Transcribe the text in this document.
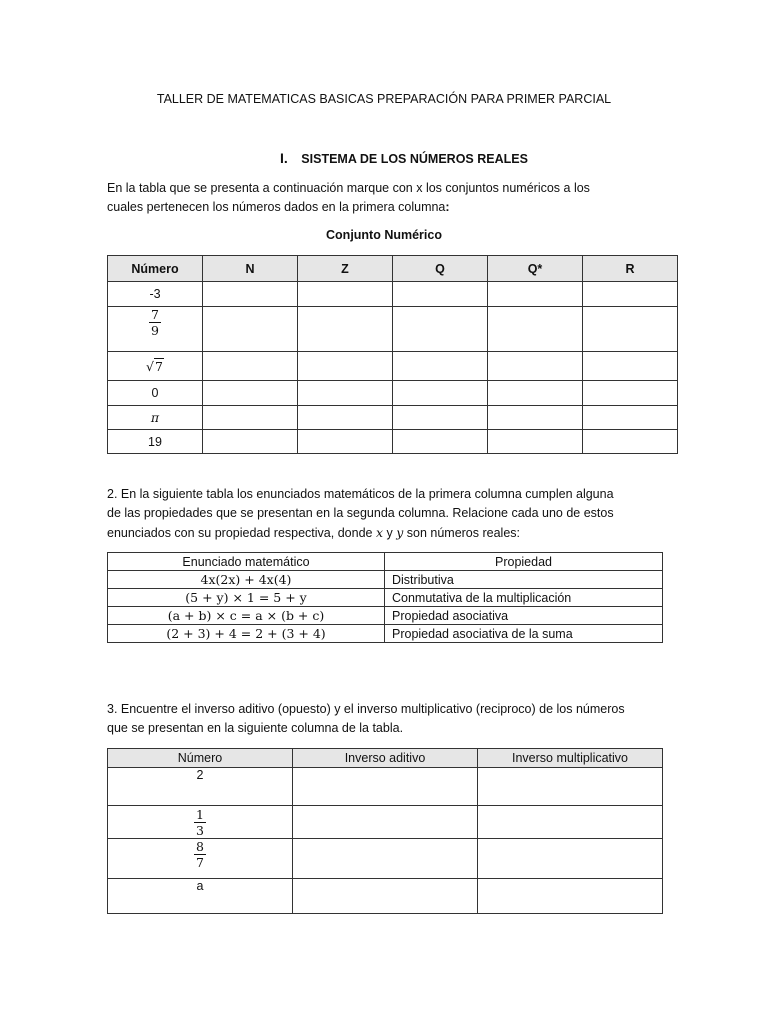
TALLER DE MATEMATICAS BASICAS PREPARACIÓN PARA PRIMER PARCIAL
I. SISTEMA DE LOS NÚMEROS REALES
En la tabla que se presenta a continuación marque con x los conjuntos numéricos a los
cuales pertenecen los números dados en la primera columna:
Conjunto Numérico
Número	N	Z	Q	Q*	R
-3					

$\frac{7}{9}$

√7					
0					
π					
19					
2. En la siguiente tabla los enunciados matemáticos de la primera columna cumplen alguna
de las propiedades que se presentan en la segunda columna. Relacione cada uno de estos
enunciados con su propiedad respectiva, donde x y y son números reales:
Enunciado matemático	Propiedad
4x(2x) + 4x(4)	Distributiva
(5 + y) × 1 = 5 + y	Conmutativa de la multiplicación
(a + b) × c = a × (b + c)	Propiedad asociativa
(2 + 3) + 4 = 2 + (3 + 4)	Propiedad asociativa de la suma
3. Encuentre el inverso aditivo (opuesto) y el inverso multiplicativo (reciproco) de los números
que se presentan en la siguiente columna de la tabla.
Número	Inverso aditivo	Inverso multiplicativo
2		

$\frac{1}{3}$

$\frac{8}{7}$

a		
